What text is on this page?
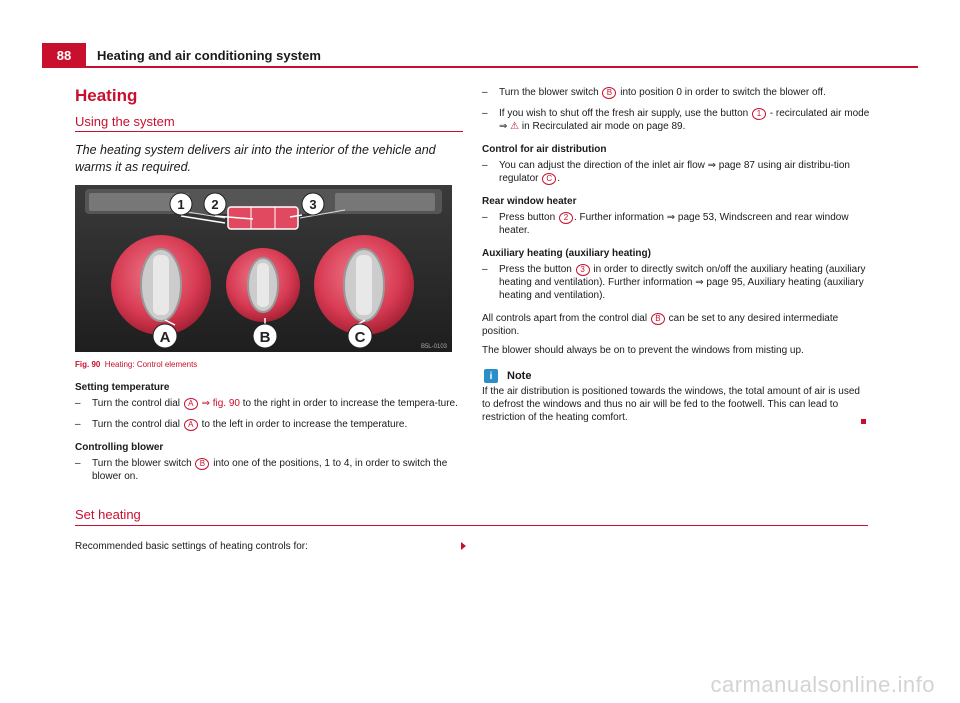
88	Heating and air conditioning system
Heating
Using the system
The heating system delivers air into the interior of the vehicle and warms it as required.
1 2	3
A	B	C
B5L-0103
Fig. 90 Heating: Control elements
Setting temperature
–	Turn the control dial A ⇒ fig. 90 to the right in order to increase the tempera-ture.
–	Turn the control dial A to the left in order to increase the temperature.
Controlling blower
–	Turn the blower switch B into one of the positions, 1 to 4, in order to switch the blower on.
–	Turn the blower switch B into position 0 in order to switch the blower off.
–	If you wish to shut off the fresh air supply, use the button 1 - recirculated air mode ⇒ ⚠ in Recirculated air mode on page 89.
Control for air distribution
–	You can adjust the direction of the inlet air flow ⇒ page 87 using air distribu-tion regulator C .
Rear window heater
–	Press button 2 . Further information ⇒ page 53, Windscreen and rear window heater.
Auxiliary heating (auxiliary heating)
–	Press the button 3 in order to directly switch on/off the auxiliary heating (auxiliary heating and ventilation). Further information ⇒ page 95, Auxiliary heating (auxiliary heating and ventilation).
All controls apart from the control dial B can be set to any desired intermediate position.
The blower should always be on to prevent the windows from misting up.
i	Note
If the air distribution is positioned towards the windows, the total amount of air is used to defrost the windows and thus no air will be fed to the footwell. This can lead to restriction of the heating comfort.
Set heating
Recommended basic settings of heating controls for:
carmanualsonline.info
